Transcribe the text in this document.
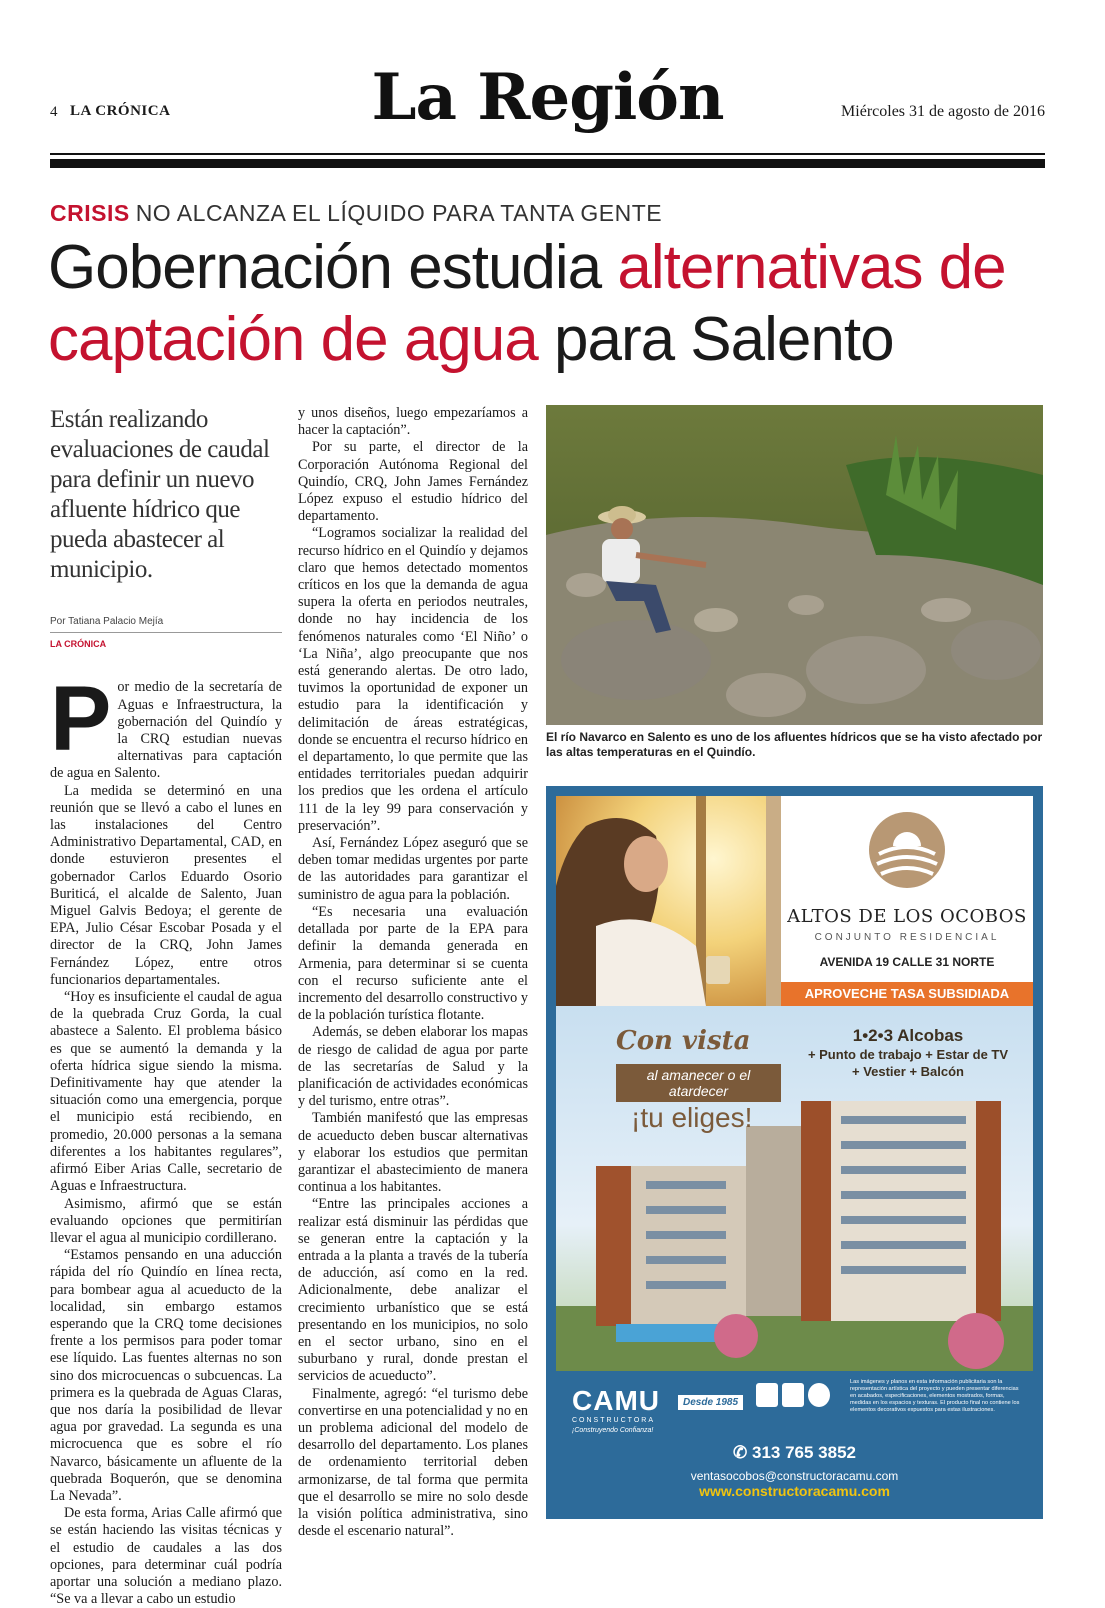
4 LA CRÓNICA	La Región	Miércoles 31 de agosto de 2016
CRISIS NO ALCANZA EL LÍQUIDO PARA TANTA GENTE
Gobernación estudia alternativas de captación de agua para Salento
Están realizando evaluaciones de caudal para definir un nuevo afluente hídrico que pueda abastecer al municipio.
Por Tatiana Palacio Mejía
LA CRÓNICA

Por medio de la secretaría de Aguas e Infraestructura, la gobernación del Quindío y la CRQ estudian nuevas alternativas para captación de agua en Salento.

La medida se determinó en una reunión que se llevó a cabo el lunes en las instalaciones del Centro Administrativo Departamental, CAD, en donde estuvieron presentes el gobernador Carlos Eduardo Osorio Buriticá, el alcalde de Salento, Juan Miguel Galvis Bedoya; el gerente de EPA, Julio César Escobar Posada y el director de la CRQ, John James Fernández López, entre otros funcionarios departamentales.

“Hoy es insuficiente el caudal de agua de la quebrada Cruz Gorda, la cual abastece a Salento. El problema básico es que se aumentó la demanda y la oferta hídrica sigue siendo la misma. Definitivamente hay que atender la situación como una emergencia, porque el municipio está recibiendo, en promedio, 20.000 personas a la semana diferentes a los habitantes regulares”, afirmó Eiber Arias Calle, secretario de Aguas e Infraestructura.

Asimismo, afirmó que se están evaluando opciones que permitirían llevar el agua al municipio cordillerano.

“Estamos pensando en una aducción rápida del río Quindío en línea recta, para bombear agua al acueducto de la localidad, sin embargo estamos esperando que la CRQ tome decisiones frente a los permisos para poder tomar ese líquido. Las fuentes alternas no son sino dos microcuencas o subcuencas. La primera es la quebrada de Aguas Claras, que nos daría la posibilidad de llevar agua por gravedad. La segunda es una microcuenca que es sobre el río Navarco, básicamente un afluente de la quebrada Boquerón, que se denomina La Nevada”.

De esta forma, Arias Calle afirmó que se están haciendo las visitas técnicas y el estudio de caudales a las dos opciones, para determinar cuál podría aportar una solución a mediano plazo. “Se va a llevar a cabo un estudio

y unos diseños, luego empezaríamos a hacer la captación”.

Por su parte, el director de la Corporación Autónoma Regional del Quindío, CRQ, John James Fernández López expuso el estudio hídrico del departamento.

“Logramos socializar la realidad del recurso hídrico en el Quindío y dejamos claro que hemos detectado momentos críticos en los que la demanda de agua supera la oferta en periodos neutrales, donde no hay incidencia de los fenómenos naturales como ‘El Niño’ o ‘La Niña’, algo preocupante que nos está generando alertas. De otro lado, tuvimos la oportunidad de exponer un estudio para la identificación y delimitación de áreas estratégicas, donde se encuentra el recurso hídrico en el departamento, lo que permite que las entidades territoriales puedan adquirir los predios que les ordena el artículo 111 de la ley 99 para conservación y preservación”.

Así, Fernández López aseguró que se deben tomar medidas urgentes por parte de las autoridades para garantizar el suministro de agua para la población.

“Es necesaria una evaluación detallada por parte de la EPA para definir la demanda generada en Armenia, para determinar si se cuenta con el recurso suficiente ante el incremento del desarrollo constructivo y de la población turística flotante.

Además, se deben elaborar los mapas de riesgo de calidad de agua por parte de las secretarías de Salud y la planificación de actividades económicas y del turismo, entre otras”.

También manifestó que las empresas de acueducto deben buscar alternativas y elaborar los estudios que permitan garantizar el abastecimiento de manera continua a los habitantes.

“Entre las principales acciones a realizar está disminuir las pérdidas que se generan entre la captación y la entrada a la planta a través de la tubería de aducción, así como en la red. Adicionalmente, debe analizar el crecimiento urbanístico que se está presentando en los municipios, no solo en el sector urbano, sino en el suburbano y rural, donde prestan el servicios de acueducto”.

Finalmente, agregó: “el turismo debe convertirse en una potencialidad y no en un problema adicional del modelo de desarrollo del departamento. Los planes de ordenamiento territorial deben armonizarse, de tal forma que permita que el desarrollo se mire no solo desde la visión política administrativa, sino desde el escenario natural”.

El río Navarco en Salento es uno de los afluentes hídricos que se ha visto afectado por las altas temperaturas en el Quindío.
ALTOS DE LOS OCOBOS
CONJUNTO RESIDENCIAL
AVENIDA 19 CALLE 31 NORTE
APROVECHE TASA SUBSIDIADA
Con vista
al amanecer o el atardecer
¡tu eliges!
1•2•3 Alcobas
+ Punto de trabajo + Estar de TV
+ Vestier + Balcón
CAMU
CONSTRUCTORA
¡Construyendo Confianza!
Desde 1985
Las imágenes y planos en esta información publicitaria son la representación artística del proyecto y pueden presentar diferencias en acabados, especificaciones, elementos mostrados, formas, medidas en los espacios y texturas. El producto final no contiene los elementos decorativos expuestos para estas ilustraciones.
✆ 313 765 3852
ventasocobos@constructoracamu.com
www.constructoracamu.com
